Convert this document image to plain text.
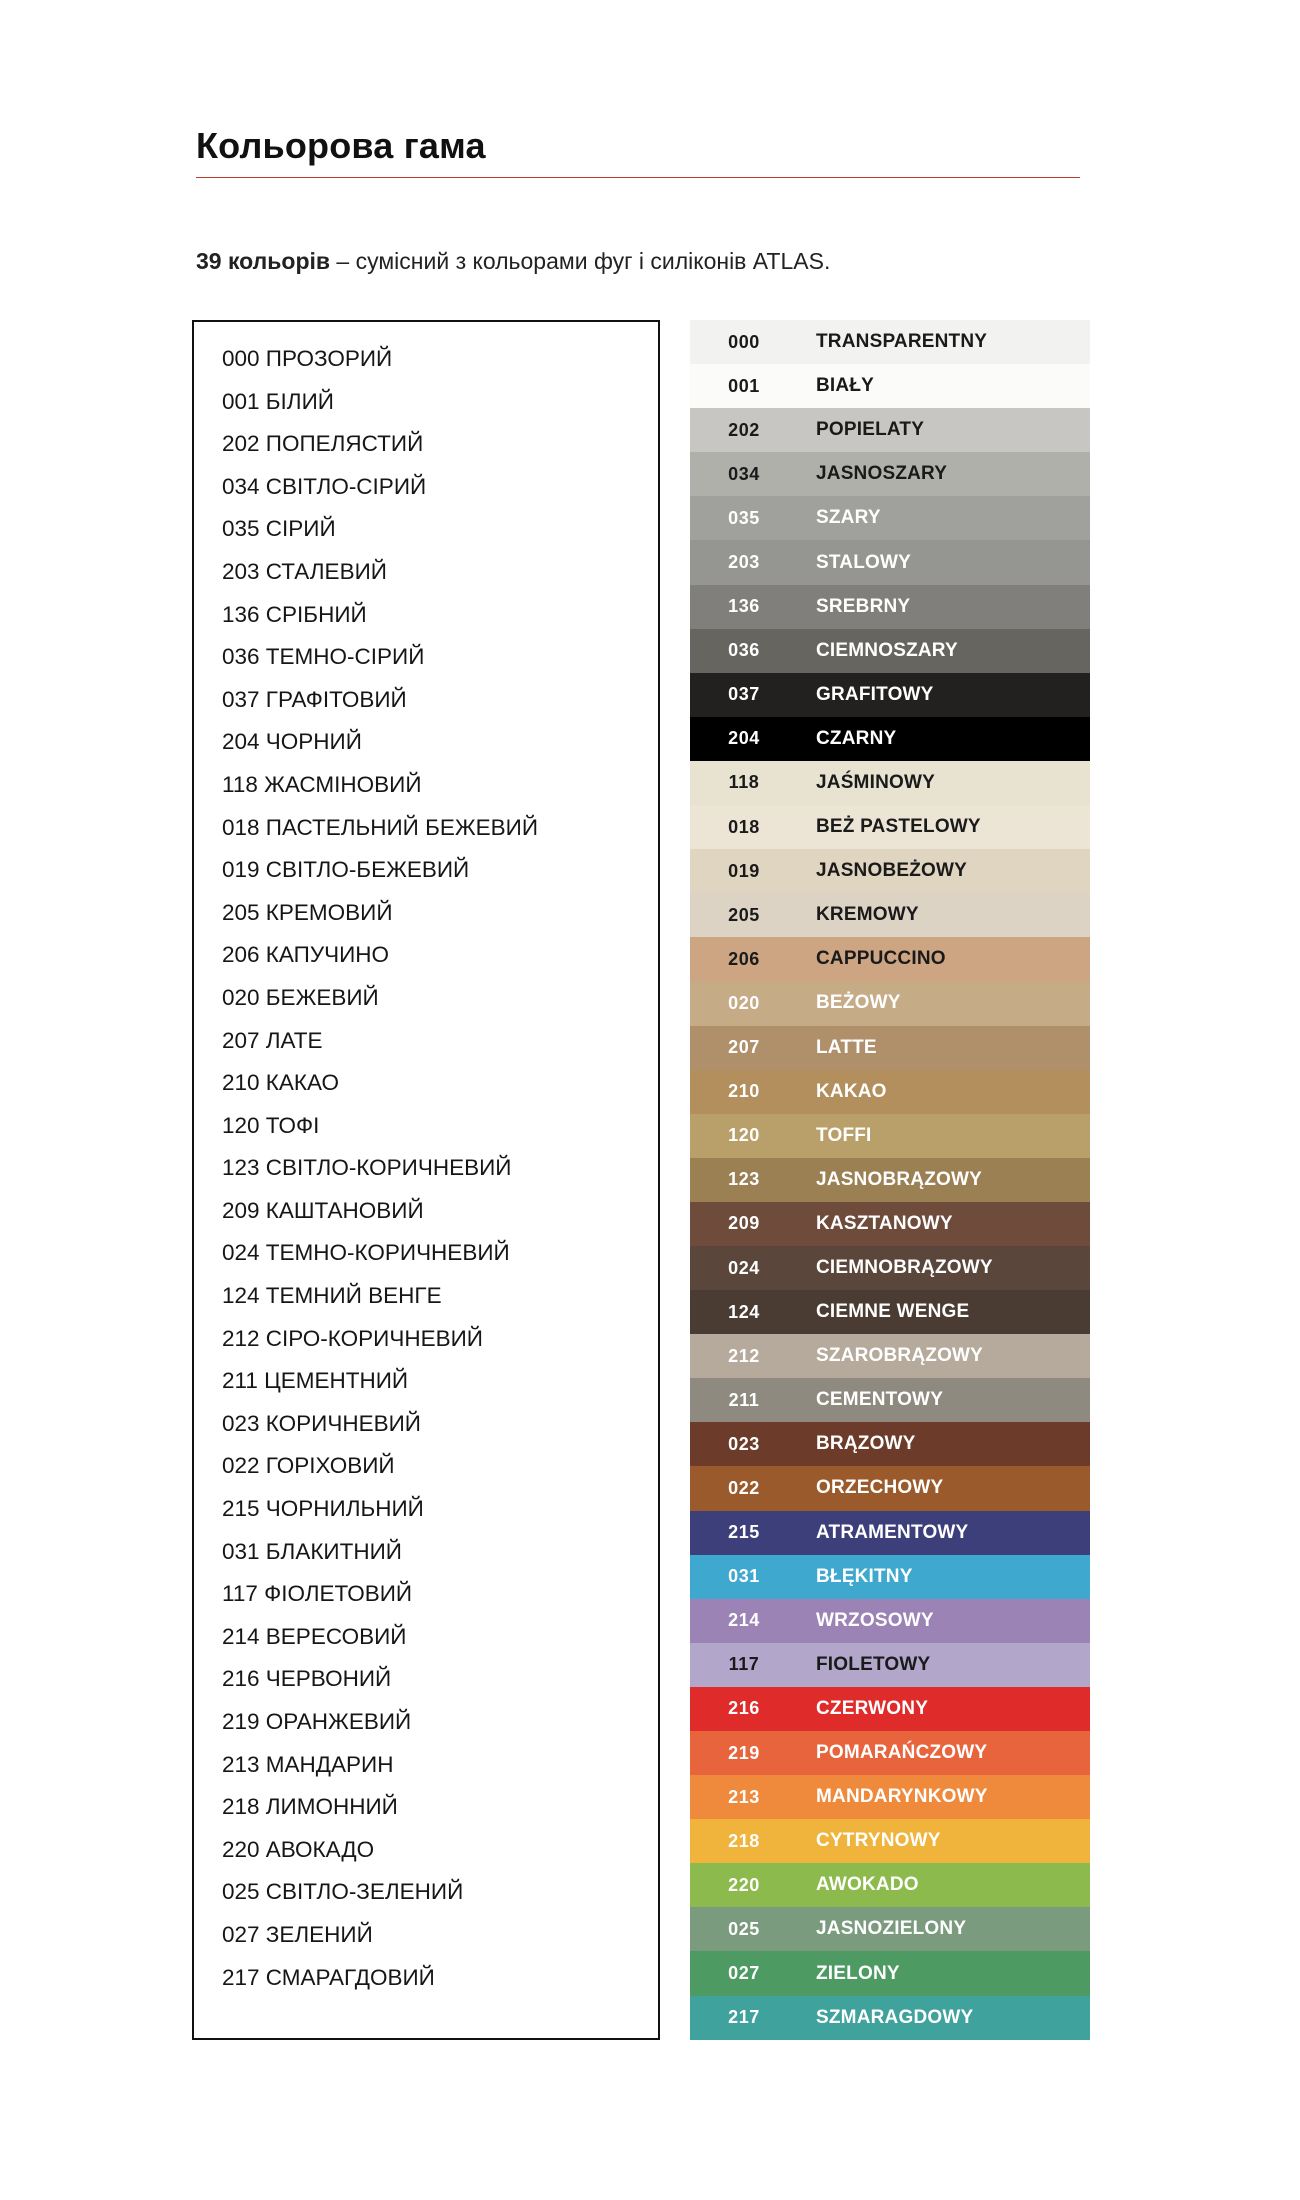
Кольорова гама
39 кольорів – сумісний з кольорами фуг і силіконів ATLAS.
000 ПРОЗОРИЙ
001 БІЛИЙ
202 ПОПЕЛЯСТИЙ
034 СВІТЛО-СІРИЙ
035 СІРИЙ
203 СТАЛЕВИЙ
136 СРІБНИЙ
036 ТЕМНО-СІРИЙ
037 ГРАФІТОВИЙ
204 ЧОРНИЙ
118 ЖАСМІНОВИЙ
018 ПАСТЕЛЬНИЙ БЕЖЕВИЙ
019 СВІТЛО-БЕЖЕВИЙ
205 КРЕМОВИЙ
206 КАПУЧИНО
020 БЕЖЕВИЙ
207 ЛАТЕ
210 КАКАО
120 ТОФІ
123 СВІТЛО-КОРИЧНЕВИЙ
209 КАШТАНОВИЙ
024 ТЕМНО-КОРИЧНЕВИЙ
124 ТЕМНИЙ ВЕНГЕ
212 СІРО-КОРИЧНЕВИЙ
211 ЦЕМЕНТНИЙ
023 КОРИЧНЕВИЙ
022 ГОРІХОВИЙ
215 ЧОРНИЛЬНИЙ
031 БЛАКИТНИЙ
117 ФІОЛЕТОВИЙ
214 ВЕРЕСОВИЙ
216 ЧЕРВОНИЙ
219 ОРАНЖЕВИЙ
213 МАНДАРИН
218 ЛИМОННИЙ
220 АВОКАДО
025 СВІТЛО-ЗЕЛЕНИЙ
027 ЗЕЛЕНИЙ
217 СМАРАГДОВИЙ
000	TRANSPARENTNY
001	BIAŁY
202	POPIELATY
034	JASNOSZARY
035	SZARY
203	STALOWY
136	SREBRNY
036	CIEMNOSZARY
037	GRAFITOWY
204	CZARNY
118	JAŚMINOWY
018	BEŻ PASTELOWY
019	JASNOBEŻOWY
205	KREMOWY
206	CAPPUCCINO
020	BEŻOWY
207	LATTE
210	KAKAO
120	TOFFI
123	JASNOBRĄZOWY
209	KASZTANOWY
024	CIEMNOBRĄZOWY
124	CIEMNE WENGE
212	SZAROBRĄZOWY
211	CEMENTOWY
023	BRĄZOWY
022	ORZECHOWY
215	ATRAMENTOWY
031	BŁĘKITNY
214	WRZOSOWY
117	FIOLETOWY
216	CZERWONY
219	POMARAŃCZOWY
213	MANDARYNKOWY
218	CYTRYNOWY
220	AWOKADO
025	JASNOZIELONY
027	ZIELONY
217	SZMARAGDOWY
